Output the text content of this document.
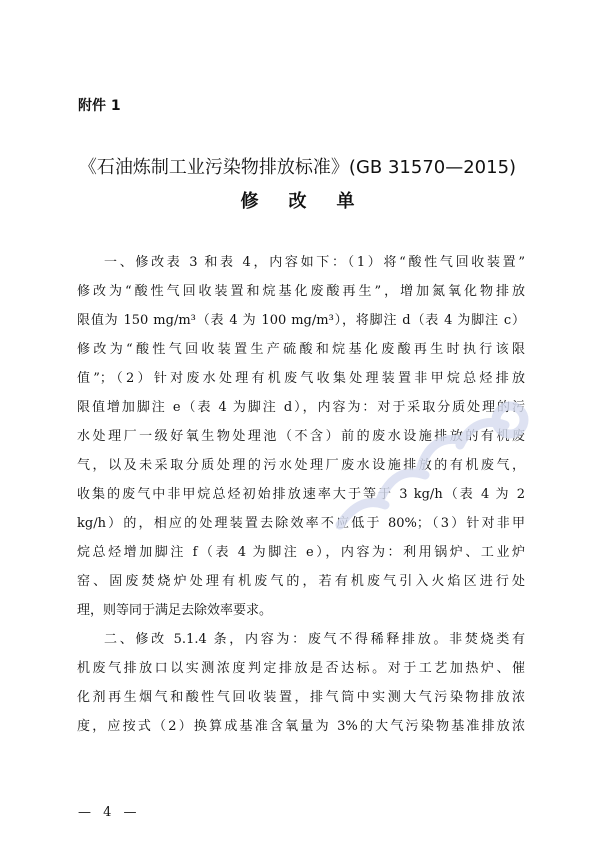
附件 1
《石油炼制工业污染物排放标准》(GB 31570—2015)
修改单
一、修改表 3 和表 4，内容如下：（1）将“酸性气回收装置”
修改为“酸性气回收装置和烷基化废酸再生”，增加氮氧化物排放
限值为 150 mg/m³（表 4 为 100 mg/m³），将脚注 d（表 4 为脚注 c）
修改为“酸性气回收装置生产硫酸和烷基化废酸再生时执行该限
值”；（2）针对废水处理有机废气收集处理装置非甲烷总烃排放
限值增加脚注 e（表 4 为脚注 d），内容为：对于采取分质处理的污
水处理厂一级好氧生物处理池（不含）前的废水设施排放的有机废
气，以及未采取分质处理的污水处理厂废水设施排放的有机废气，
收集的废气中非甲烷总烃初始排放速率大于等于 3 kg/h（表 4 为 2
kg/h）的，相应的处理装置去除效率不应低于 80%；（3）针对非甲
烷总烃增加脚注 f（表 4 为脚注 e），内容为：利用锅炉、工业炉
窑、固废焚烧炉处理有机废气的，若有机废气引入火焰区进行处
理，则等同于满足去除效率要求。
二、修改 5.1.4 条，内容为：废气不得稀释排放。非焚烧类有
机废气排放口以实测浓度判定排放是否达标。对于工艺加热炉、催
化剂再生烟气和酸性气回收装置，排气筒中实测大气污染物排放浓
度，应按式（2）换算成基准含氧量为 3%的大气污染物基准排放浓
— 4 —
